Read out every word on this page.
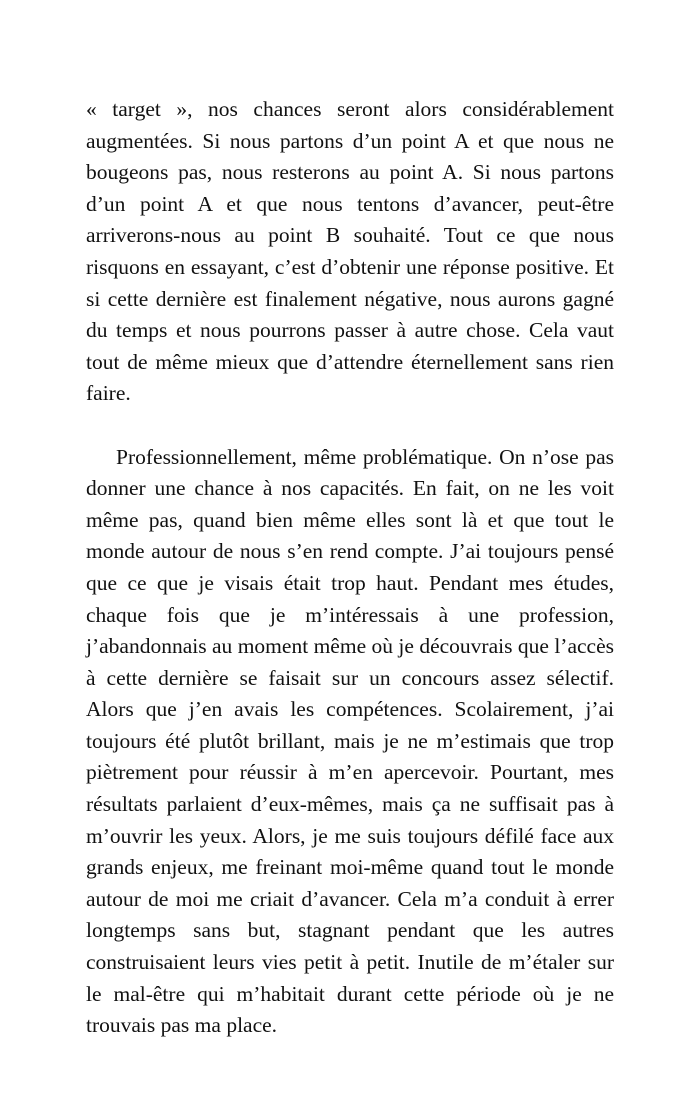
« target », nos chances seront alors considérablement augmentées. Si nous partons d’un point A et que nous ne bougeons pas, nous resterons au point A. Si nous partons d’un point A et que nous tentons d’avancer, peut-être arriverons-nous au point B souhaité. Tout ce que nous risquons en essayant, c’est d’obtenir une réponse positive. Et si cette dernière est finalement négative, nous aurons gagné du temps et nous pourrons passer à autre chose. Cela vaut tout de même mieux que d’attendre éternellement sans rien faire.

Professionnellement, même problématique. On n’ose pas donner une chance à nos capacités. En fait, on ne les voit même pas, quand bien même elles sont là et que tout le monde autour de nous s’en rend compte. J’ai toujours pensé que ce que je visais était trop haut. Pendant mes études, chaque fois que je m’intéressais à une profession, j’abandonnais au moment même où je découvrais que l’accès à cette dernière se faisait sur un concours assez sélectif. Alors que j’en avais les compétences. Scolairement, j’ai toujours été plutôt brillant, mais je ne m’estimais que trop piètrement pour réussir à m’en apercevoir. Pourtant, mes résultats parlaient d’eux-mêmes, mais ça ne suffisait pas à m’ouvrir les yeux. Alors, je me suis toujours défilé face aux grands enjeux, me freinant moi-même quand tout le monde autour de moi me criait d’avancer. Cela m’a conduit à errer longtemps sans but, stagnant pendant que les autres construisaient leurs vies petit à petit. Inutile de m’étaler sur le mal-être qui m’habitait durant cette période où je ne trouvais pas ma place.
